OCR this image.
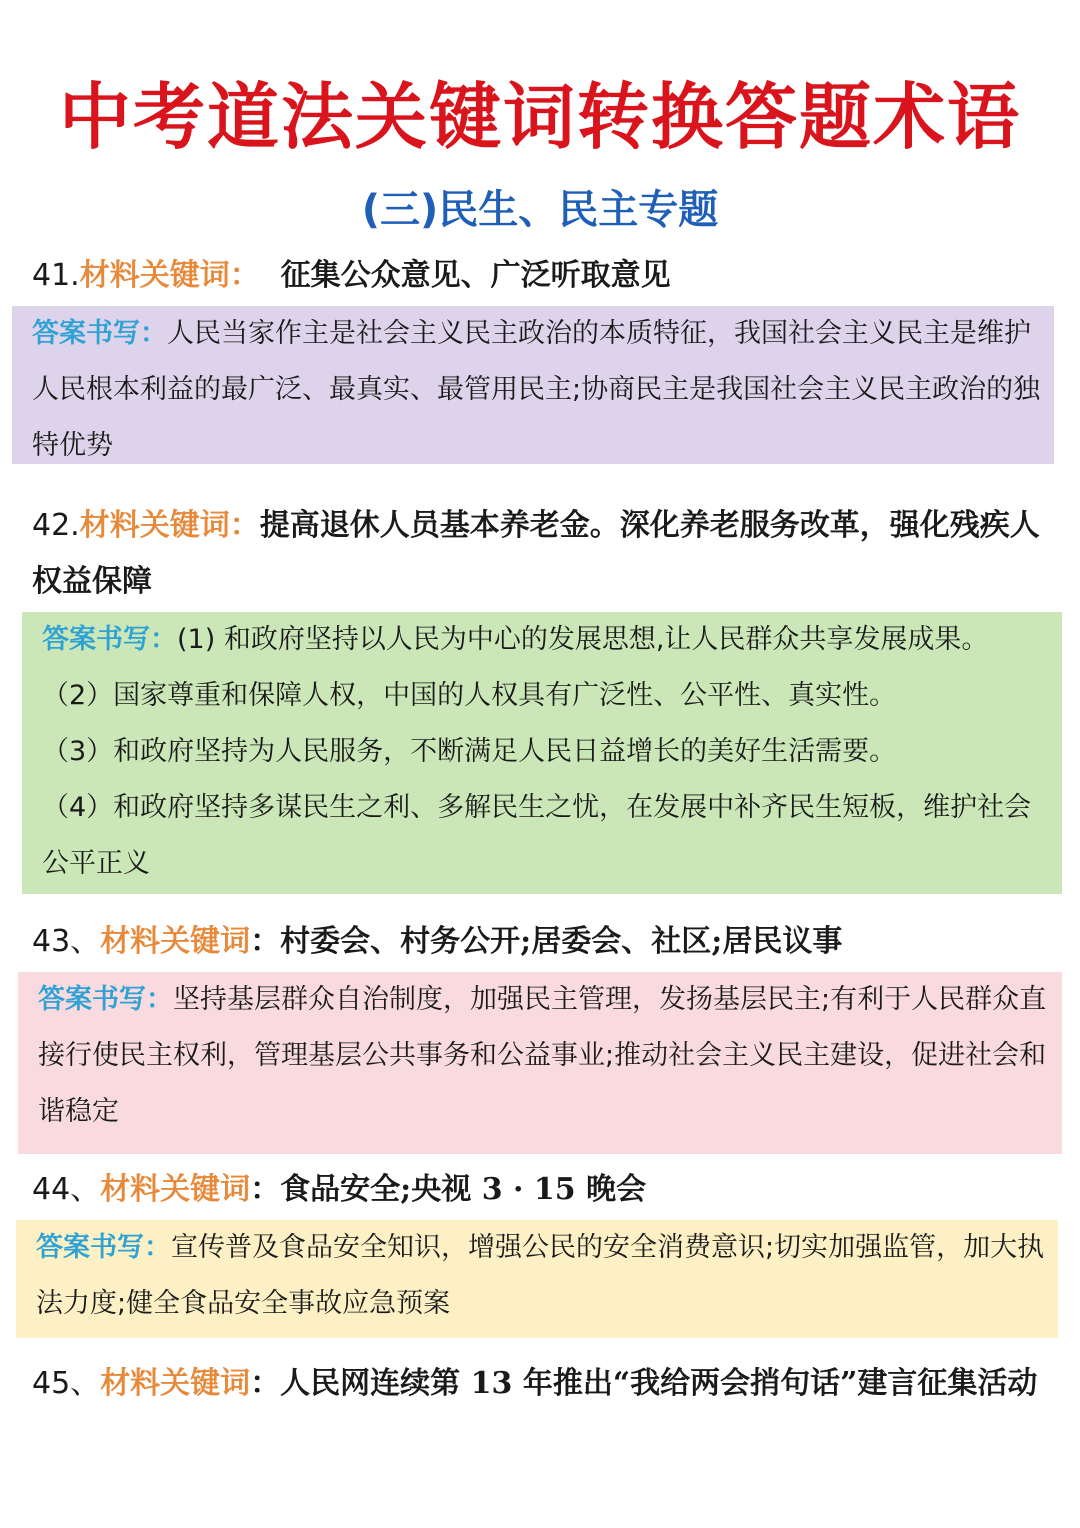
中考道法关键词转换答题术语
(三)民生、民主专题
41.材料关键词：  征集公众意见、广泛听取意见

答案书写：人民当家作主是社会主义民主政治的本质特征，我国社会主义民主是维护人民根本利益的最广泛、最真实、最管用民主;协商民主是我国社会主义民主政治的独特优势

42.材料关键词：提高退休人员基本养老金。深化养老服务改革，强化残疾人权益保障

答案书写：(1) 和政府坚持以人民为中心的发展思想,让人民群众共享发展成果。

（2）国家尊重和保障人权，中国的人权具有广泛性、公平性、真实性。

（3）和政府坚持为人民服务，不断满足人民日益增长的美好生活需要。

（4）和政府坚持多谋民生之利、多解民生之忧，在发展中补齐民生短板，维护社会公平正义

43、材料关键词：村委会、村务公开;居委会、社区;居民议事

答案书写：坚持基层群众自治制度，加强民主管理，发扬基层民主;有利于人民群众直接行使民主权利，管理基层公共事务和公益事业;推动社会主义民主建设，促进社会和谐稳定

44、材料关键词：食品安全;央视 3 · 15 晚会

答案书写：宣传普及食品安全知识，增强公民的安全消费意识;切实加强监管，加大执法力度;健全食品安全事故应急预案

45、材料关键词：人民网连续第 13 年推出“我给两会捎句话”建言征集活动
